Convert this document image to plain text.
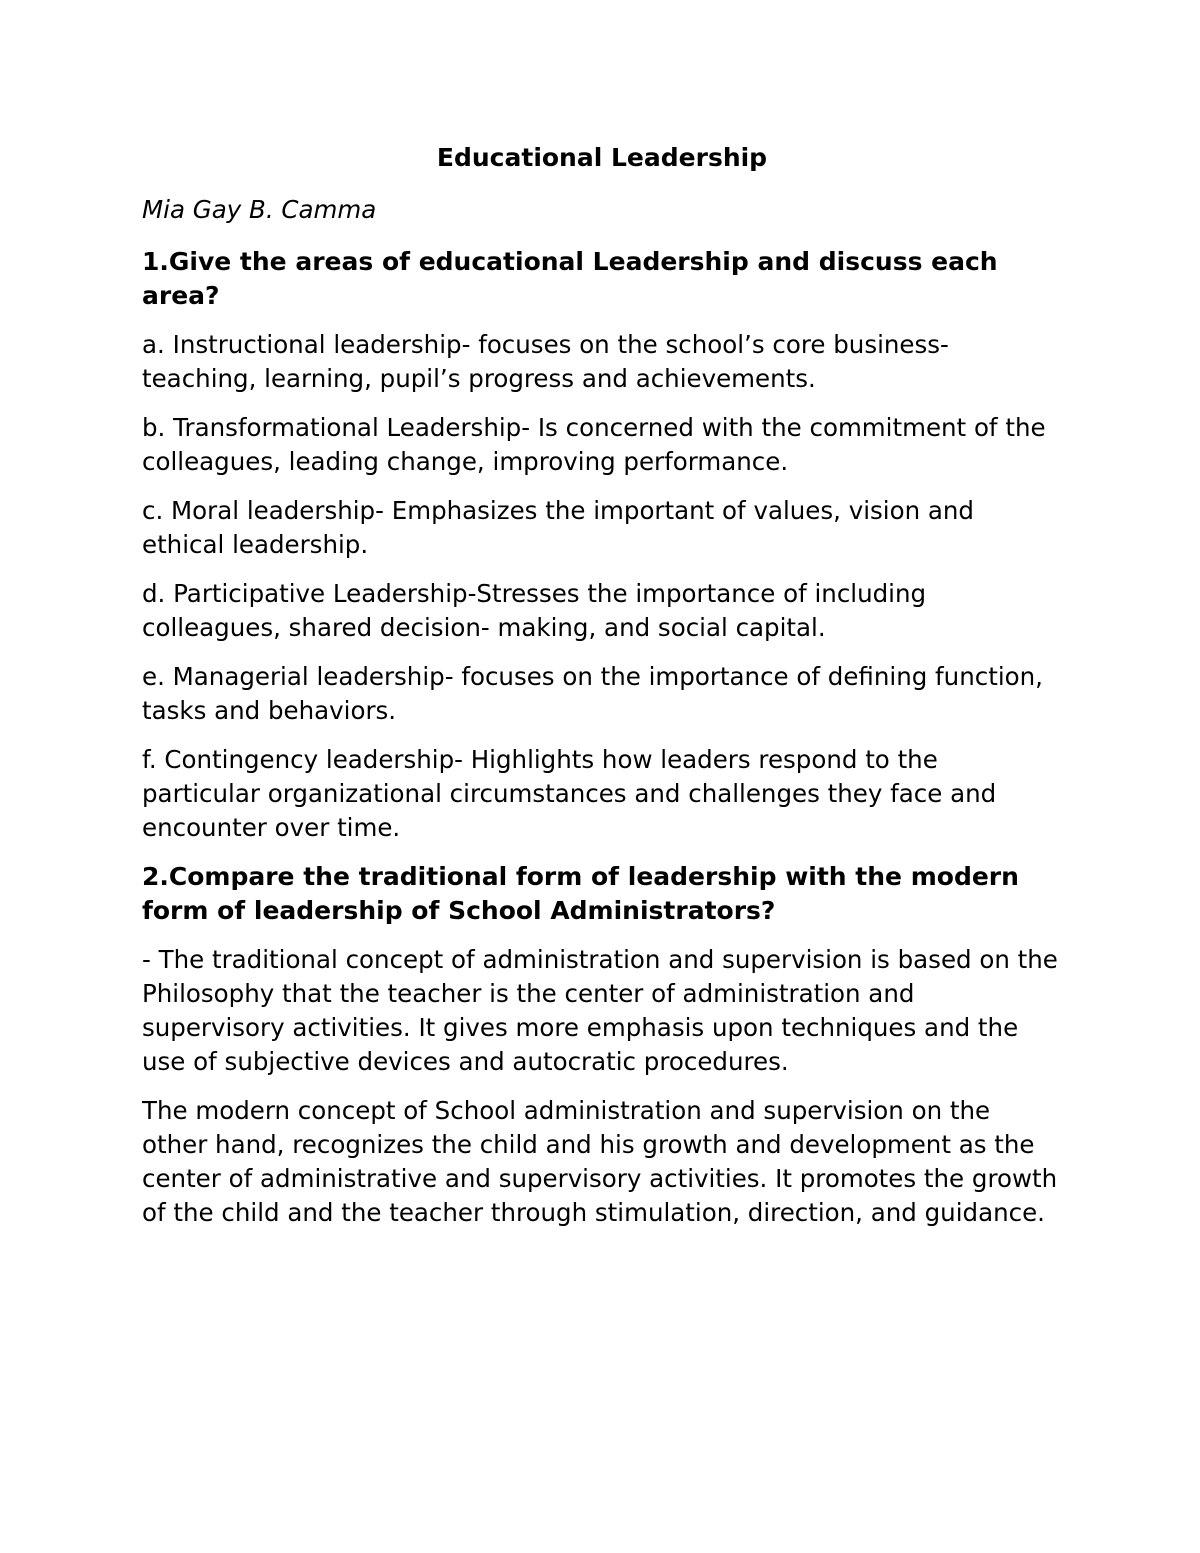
Educational Leadership
Mia Gay B. Camma
1.Give the areas of educational Leadership and discuss each area?
a. Instructional leadership- focuses on the school’s core business- teaching, learning, pupil’s progress and achievements.
b. Transformational Leadership- Is concerned with the commitment of the colleagues, leading change, improving performance.
c. Moral leadership- Emphasizes the important of values, vision and ethical leadership.
d. Participative Leadership-Stresses the importance of including colleagues, shared decision- making, and social capital.
e. Managerial leadership- focuses on the importance of defining function, tasks and behaviors.
f. Contingency leadership- Highlights how leaders respond to the particular organizational circumstances and challenges they face and encounter over time.
2.Compare the traditional form of leadership with the modern form of leadership of School Administrators?
- The traditional concept of administration and supervision is based on the Philosophy that the teacher is the center of administration and supervisory activities. It gives more emphasis upon techniques and the use of subjective devices and autocratic procedures.
The modern concept of School administration and supervision on the other hand, recognizes the child and his growth and development as the center of administrative and supervisory activities. It promotes the growth of the child and the teacher through stimulation, direction, and guidance.
